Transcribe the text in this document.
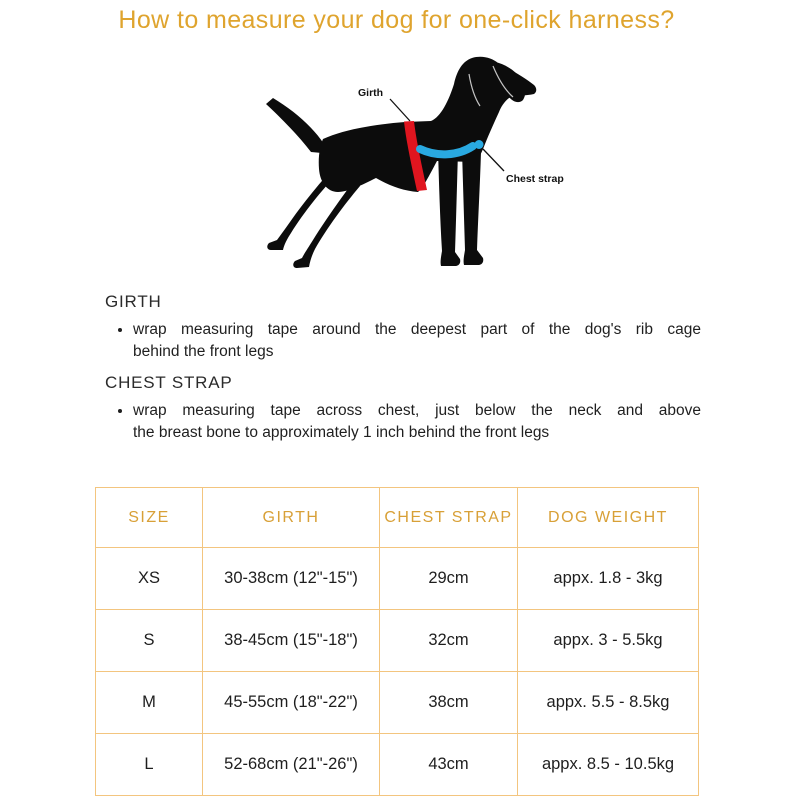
How to measure your dog for one-click harness?
Girth
Chest strap
GIRTH
• wrap measuring tape around the deepest part of the dog's rib cage
behind the front legs
CHEST STRAP
• wrap measuring tape across chest, just below the neck and above
the breast bone to approximately 1 inch behind the front legs
SIZE	GIRTH	CHEST STRAP	DOG WEIGHT
XS	30-38cm (12"-15")	29cm	appx. 1.8 - 3kg
S	38-45cm (15"-18")	32cm	appx. 3 - 5.5kg
M	45-55cm (18"-22")	38cm	appx. 5.5 - 8.5kg
L	52-68cm (21"-26")	43cm	appx. 8.5 - 10.5kg
